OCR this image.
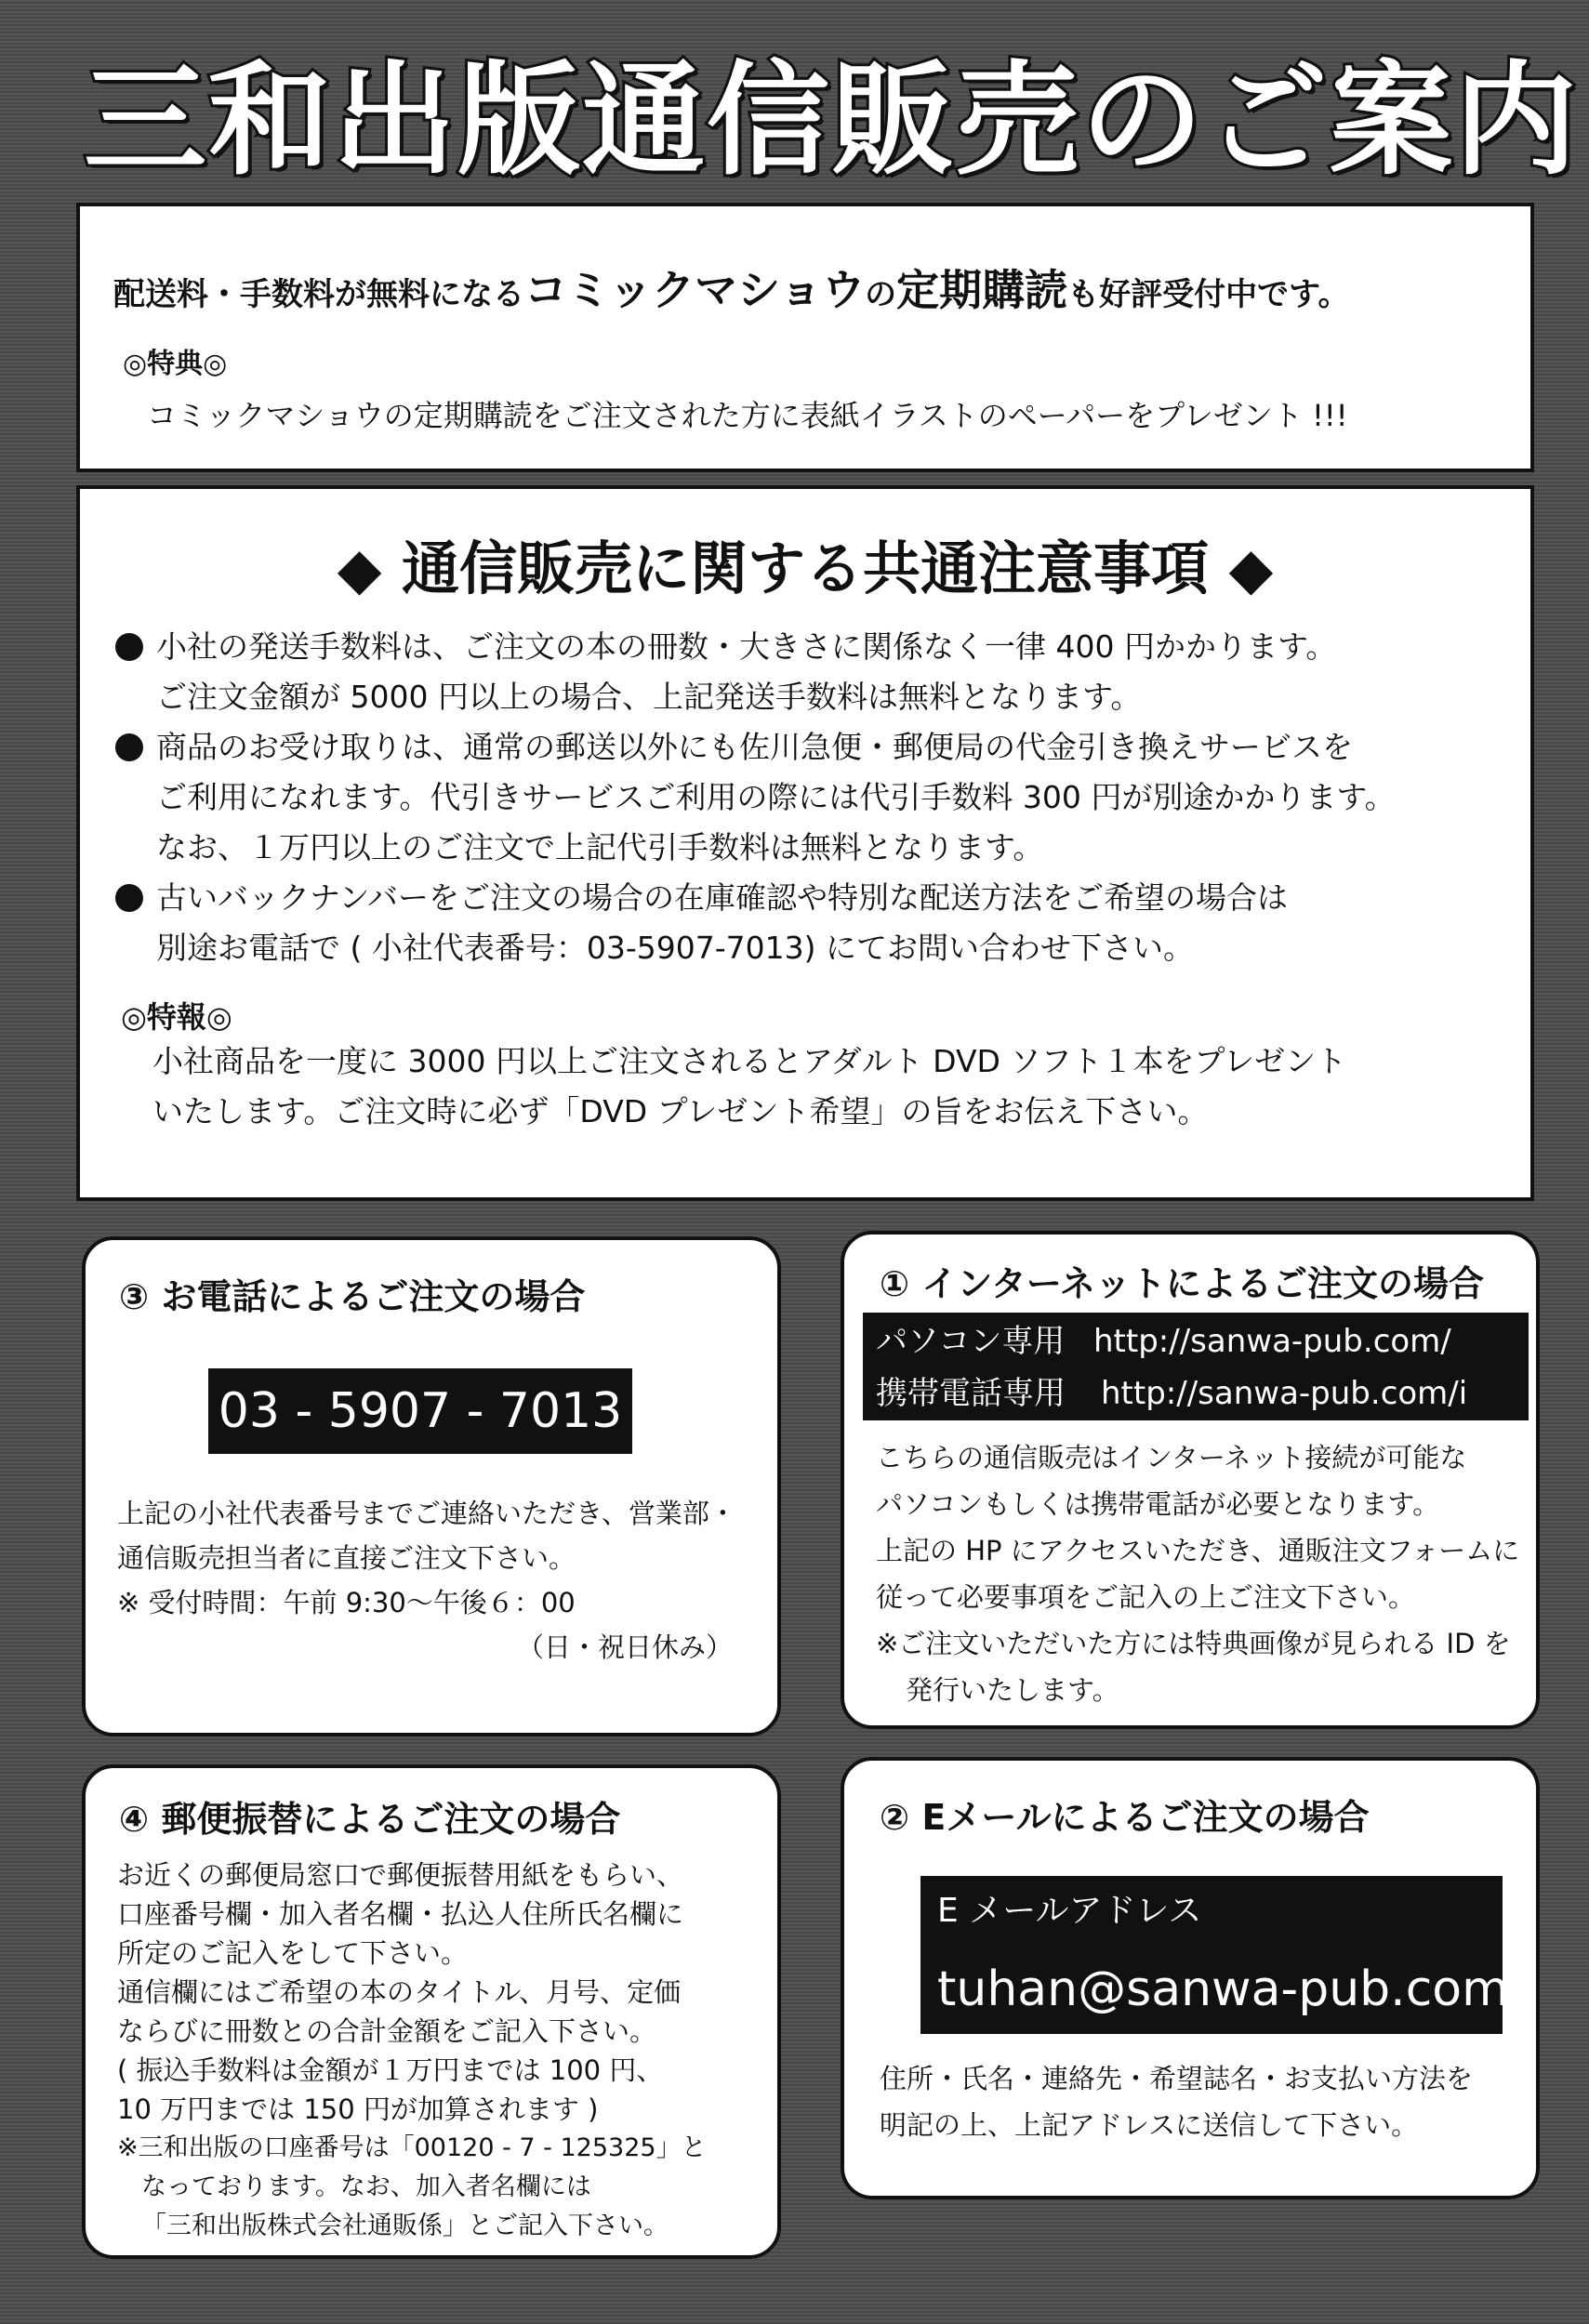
三和出版通信販売のご案内
配送料・手数料が無料になるコミックマショウの定期購読も好評受付中です。
◎特典◎
コミックマショウの定期購読をご注文された方に表紙イラストのペーパーをプレゼント !!!
◆ 通信販売に関する共通注意事項 ◆
小社の発送手数料は、ご注文の本の冊数・大きさに関係なく一律 400 円かかります。
ご注文金額が 5000 円以上の場合、上記発送手数料は無料となります。
商品のお受け取りは、通常の郵送以外にも佐川急便・郵便局の代金引き換えサービスを
ご利用になれます。代引きサービスご利用の際には代引手数料 300 円が別途かかります。
なお、１万円以上のご注文で上記代引手数料は無料となります。
古いバックナンバーをご注文の場合の在庫確認や特別な配送方法をご希望の場合は
別途お電話で ( 小社代表番号：03-5907-7013) にてお問い合わせ下さい。
◎特報◎
小社商品を一度に 3000 円以上ご注文されるとアダルト DVD ソフト１本をプレゼント
いたします。ご注文時に必ず「DVD プレゼント希望」の旨をお伝え下さい。
③ お電話によるご注文の場合
03 - 5907 - 7013
上記の小社代表番号までご連絡いただき、営業部・
通信販売担当者に直接ご注文下さい。
※ 受付時間：午前 9:30〜午後６：00
（日・祝日休み）
① インターネットによるご注文の場合
パソコン専用 http://sanwa-pub.com/
携帯電話専用 http://sanwa-pub.com/i
こちらの通信販売はインターネット接続が可能な
パソコンもしくは携帯電話が必要となります。
上記の HP にアクセスいただき、通販注文フォームに
従って必要事項をご記入の上ご注文下さい。
※ご注文いただいた方には特典画像が見られる ID を
発行いたします。
④ 郵便振替によるご注文の場合
お近くの郵便局窓口で郵便振替用紙をもらい、
口座番号欄・加入者名欄・払込人住所氏名欄に
所定のご記入をして下さい。
通信欄にはご希望の本のタイトル、月号、定価
ならびに冊数との合計金額をご記入下さい。
( 振込手数料は金額が１万円までは 100 円、
10 万円までは 150 円が加算されます )
※三和出版の口座番号は「00120 - 7 - 125325」と
なっております。なお、加入者名欄には
「三和出版株式会社通販係」とご記入下さい。
② Eメールによるご注文の場合
E メールアドレス
tuhan@sanwa-pub.com
住所・氏名・連絡先・希望誌名・お支払い方法を
明記の上、上記アドレスに送信して下さい。
